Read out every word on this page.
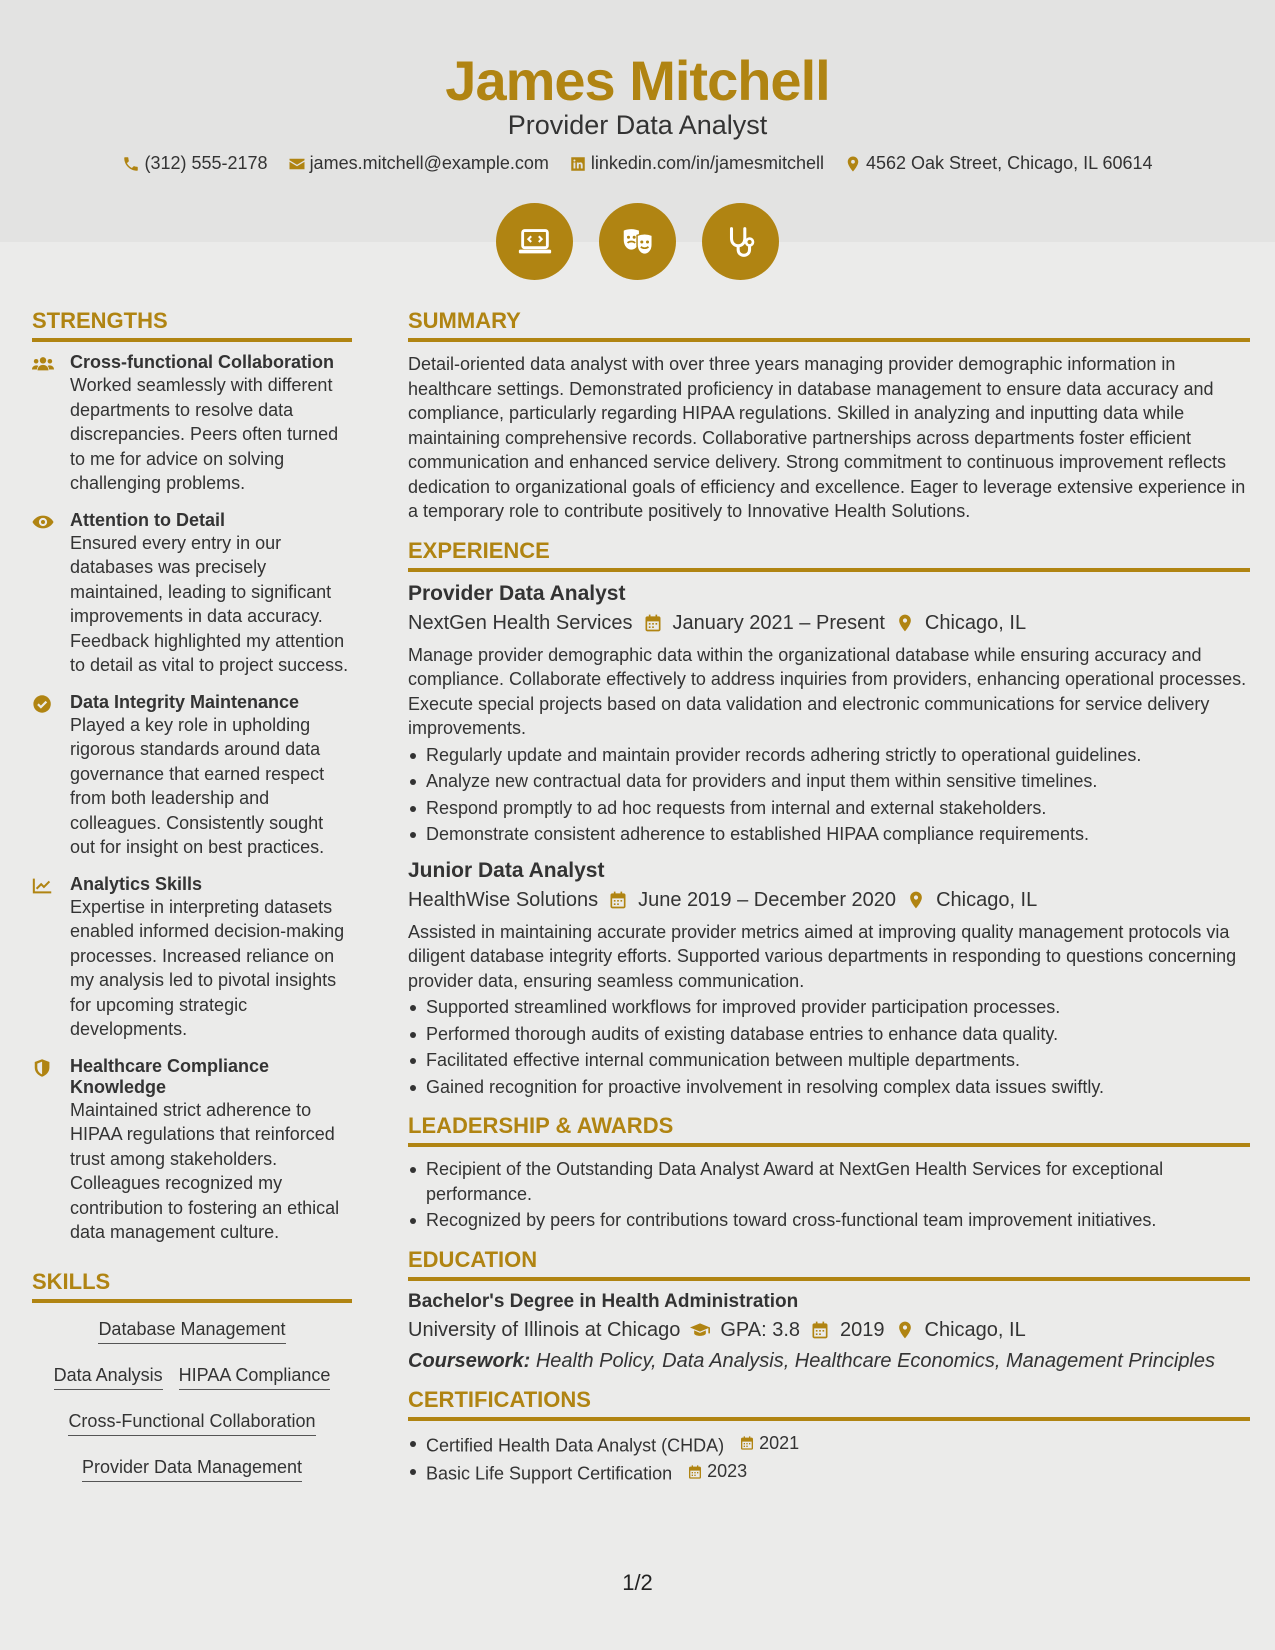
James Mitchell
Provider Data Analyst
(312) 555-2178 james.mitchell@example.com linkedin.com/in/jamesmitchell 4562 Oak Street, Chicago, IL 60614
STRENGTHS
Cross-functional Collaboration
Worked seamlessly with different departments to resolve data discrepancies. Peers often turned to me for advice on solving challenging problems.
Attention to Detail
Ensured every entry in our databases was precisely maintained, leading to significant improvements in data accuracy. Feedback highlighted my attention to detail as vital to project success.
Data Integrity Maintenance
Played a key role in upholding rigorous standards around data governance that earned respect from both leadership and colleagues. Consistently sought out for insight on best practices.
Analytics Skills
Expertise in interpreting datasets enabled informed decision-making processes. Increased reliance on my analysis led to pivotal insights for upcoming strategic developments.
Healthcare Compliance Knowledge
Maintained strict adherence to HIPAA regulations that reinforced trust among stakeholders. Colleagues recognized my contribution to fostering an ethical data management culture.
SKILLS
Database Management
Data Analysis HIPAA Compliance
Cross-Functional Collaboration
Provider Data Management
SUMMARY
Detail-oriented data analyst with over three years managing provider demographic information in healthcare settings. Demonstrated proficiency in database management to ensure data accuracy and compliance, particularly regarding HIPAA regulations. Skilled in analyzing and inputting data while maintaining comprehensive records. Collaborative partnerships across departments foster efficient communication and enhanced service delivery. Strong commitment to continuous improvement reflects dedication to organizational goals of efficiency and excellence. Eager to leverage extensive experience in a temporary role to contribute positively to Innovative Health Solutions.
EXPERIENCE
Provider Data Analyst
NextGen Health Services January 2021 – Present Chicago, IL
Manage provider demographic data within the organizational database while ensuring accuracy and compliance. Collaborate effectively to address inquiries from providers, enhancing operational processes. Execute special projects based on data validation and electronic communications for service delivery improvements.
Regularly update and maintain provider records adhering strictly to operational guidelines.
Analyze new contractual data for providers and input them within sensitive timelines.
Respond promptly to ad hoc requests from internal and external stakeholders.
Demonstrate consistent adherence to established HIPAA compliance requirements.
Junior Data Analyst
HealthWise Solutions June 2019 – December 2020 Chicago, IL
Assisted in maintaining accurate provider metrics aimed at improving quality management protocols via diligent database integrity efforts. Supported various departments in responding to questions concerning provider data, ensuring seamless communication.
Supported streamlined workflows for improved provider participation processes.
Performed thorough audits of existing database entries to enhance data quality.
Facilitated effective internal communication between multiple departments.
Gained recognition for proactive involvement in resolving complex data issues swiftly.
LEADERSHIP & AWARDS
Recipient of the Outstanding Data Analyst Award at NextGen Health Services for exceptional performance.
Recognized by peers for contributions toward cross-functional team improvement initiatives.
EDUCATION
Bachelor's Degree in Health Administration
University of Illinois at Chicago GPA: 3.8 2019 Chicago, IL
Coursework: Health Policy, Data Analysis, Healthcare Economics, Management Principles
CERTIFICATIONS
Certified Health Data Analyst (CHDA) 2021
Basic Life Support Certification 2023
1/2
